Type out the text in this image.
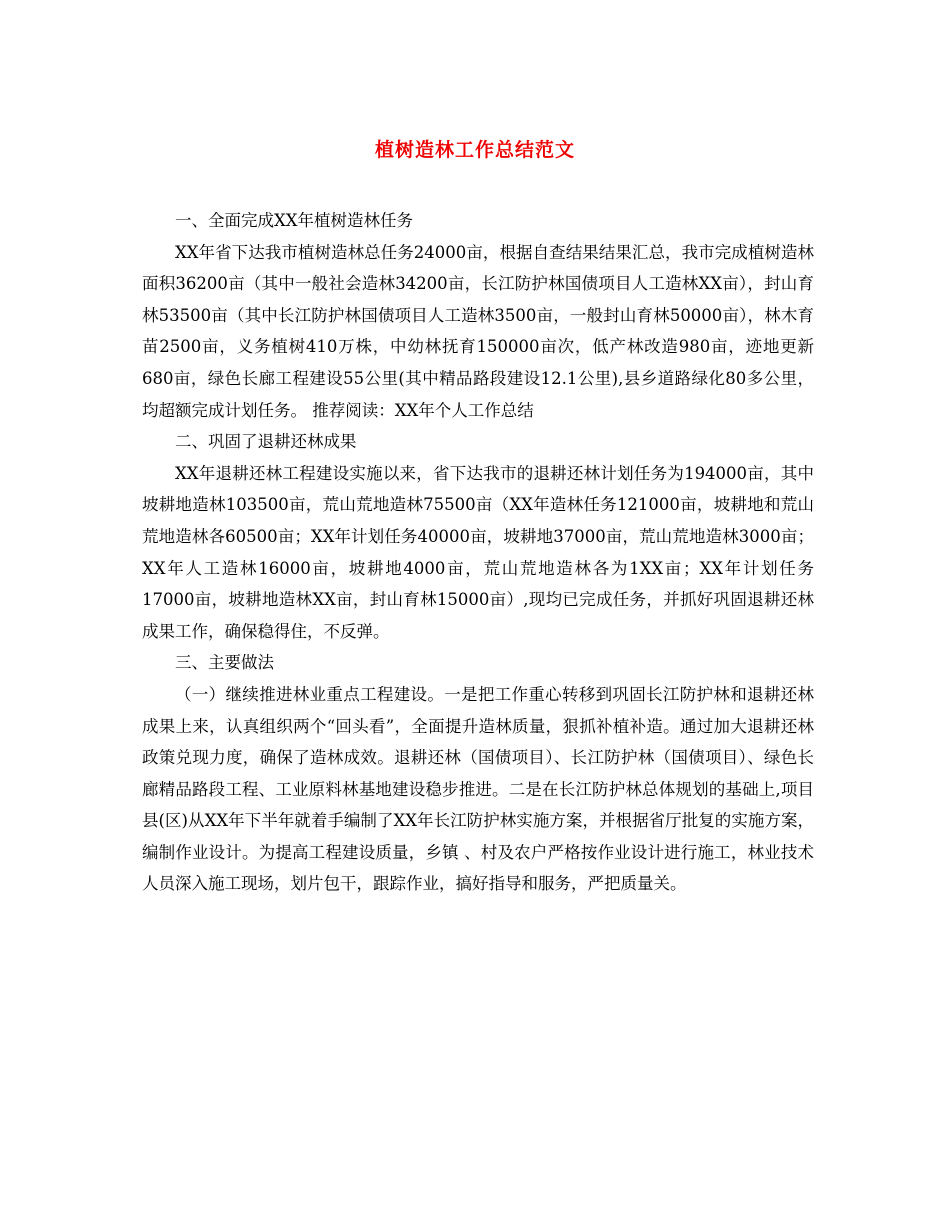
植树造林工作总结范文

一、全面完成XX年植树造林任务

XX年省下达我市植树造林总任务24000亩，根据自查结果结果汇总，我市完成植树造林面积36200亩（其中一般社会造林34200亩，长江防护林国债项目人工造林XX亩），封山育林53500亩（其中长江防护林国债项目人工造林3500亩，一般封山育林50000亩），林木育苗2500亩，义务植树410万株，中幼林抚育150000亩次，低产林改造980亩，迹地更新680亩，绿色长廊工程建设55公里(其中精品路段建设12.1公里),县乡道路绿化80多公里，均超额完成计划任务。 推荐阅读：XX年个人工作总结

二、巩固了退耕还林成果

XX年退耕还林工程建设实施以来，省下达我市的退耕还林计划任务为194000亩，其中坡耕地造林103500亩，荒山荒地造林75500亩（XX年造林任务121000亩，坡耕地和荒山荒地造林各60500亩；XX年计划任务40000亩，坡耕地37000亩，荒山荒地造林3000亩；XX年人工造林16000亩，坡耕地4000亩，荒山荒地造林各为1XX亩；XX年计划任务17000亩，坡耕地造林XX亩，封山育林15000亩）,现均已完成任务，并抓好巩固退耕还林成果工作，确保稳得住，不反弹。

三、主要做法

（一）继续推进林业重点工程建设。一是把工作重心转移到巩固长江防护林和退耕还林成果上来，认真组织两个“回头看”，全面提升造林质量，狠抓补植补造。通过加大退耕还林政策兑现力度，确保了造林成效。退耕还林（国债项目）、长江防护林（国债项目）、绿色长廊精品路段工程、工业原料林基地建设稳步推进。二是在长江防护林总体规划的基础上,项目县(区)从XX年下半年就着手编制了XX年长江防护林实施方案，并根据省厅批复的实施方案，编制作业设计。为提高工程建设质量，乡镇 、村及农户严格按作业设计进行施工，林业技术人员深入施工现场，划片包干，跟踪作业，搞好指导和服务，严把质量关。
